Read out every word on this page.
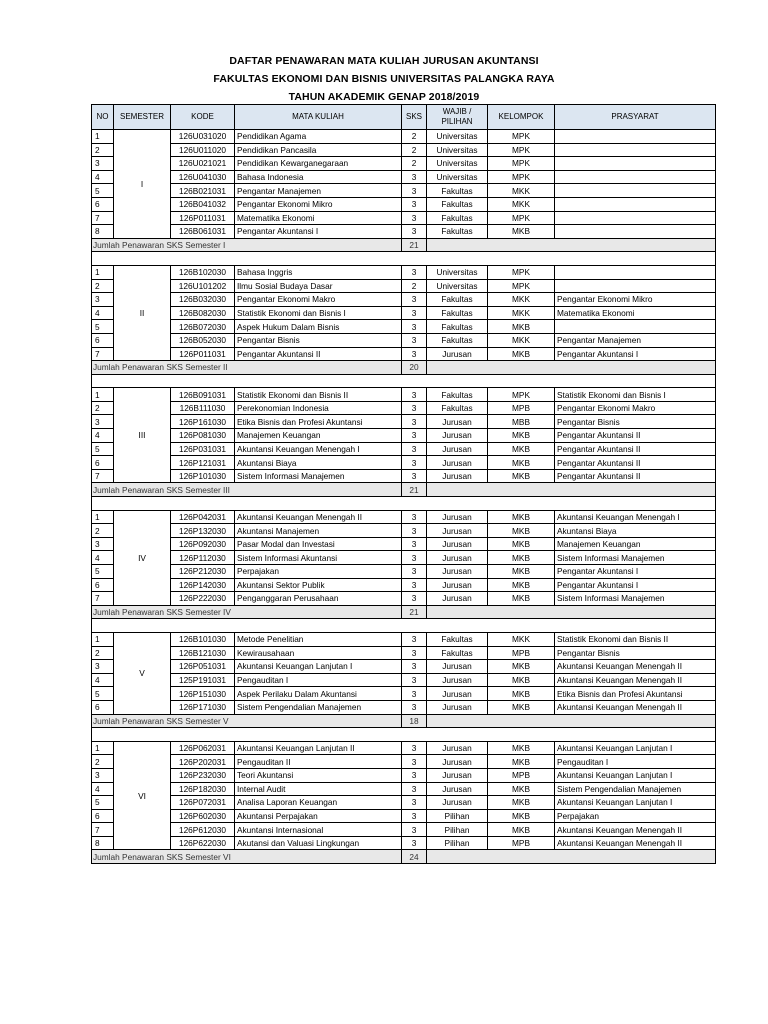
DAFTAR PENAWARAN MATA KULIAH JURUSAN AKUNTANSI
FAKULTAS EKONOMI DAN BISNIS UNIVERSITAS PALANGKA RAYA
TAHUN AKADEMIK GENAP 2018/2019
NO	SEMESTER	KODE	MATA KULIAH	SKS	WAJIB / PILIHAN	KELOMPOK	PRASYARAT
1	I	126U031020	Pendidikan Agama	2	Universitas	MPK	
2		126U011020	Pendidikan Pancasila	2	Universitas	MPK	
3		126U021021	Pendidikan Kewarganegaraan	2	Universitas	MPK	
4		126U041030	Bahasa Indonesia	3	Universitas	MPK	
5		126B021031	Pengantar Manajemen	3	Fakultas	MKK	
6		126B041032	Pengantar Ekonomi Mikro	3	Fakultas	MKK	
7		126P011031	Matematika Ekonomi	3	Fakultas	MPK	
8		126B061031	Pengantar Akuntansi I	3	Fakultas	MKB	
Jumlah Penawaran SKS Semester I				21			

1	II	126B102030	Bahasa Inggris	3	Universitas	MPK	
2		126U101202	Ilmu Sosial Budaya Dasar	2	Universitas	MPK	
3		126B032030	Pengantar Ekonomi Makro	3	Fakultas	MKK	Pengantar Ekonomi Mikro
4		126B082030	Statistik Ekonomi dan Bisnis I	3	Fakultas	MKK	Matematika Ekonomi
5		126B072030	Aspek Hukum Dalam Bisnis	3	Fakultas	MKB	
6		126B052030	Pengantar Bisnis	3	Fakultas	MKK	Pengantar Manajemen
7		126P011031	Pengantar Akuntansi II	3	Jurusan	MKB	Pengantar Akuntansi I
Jumlah Penawaran SKS Semester II				20			

1	III	126B091031	Statistik Ekonomi dan Bisnis II	3	Fakultas	MPK	Statistik Ekonomi dan Bisnis I
2		126B111030	Perekonomian Indonesia	3	Fakultas	MPB	Pengantar Ekonomi Makro
3		126P161030	Etika Bisnis dan Profesi Akuntansi	3	Jurusan	MBB	Pengantar Bisnis
4		126P081030	Manajemen Keuangan	3	Jurusan	MKB	Pengantar Akuntansi II
5		126P031031	Akuntansi Keuangan Menengah I	3	Jurusan	MKB	Pengantar Akuntansi II
6		126P121031	Akuntansi Biaya	3	Jurusan	MKB	Pengantar Akuntansi II
7		126P101030	Sistem Informasi Manajemen	3	Jurusan	MKB	Pengantar Akuntansi II
Jumlah Penawaran SKS Semester III				21			

1	IV	126P042031	Akuntansi Keuangan Menengah II	3	Jurusan	MKB	Akuntansi Keuangan Menengah I
2		126P132030	Akuntansi Manajemen	3	Jurusan	MKB	Akuntansi Biaya
3		126P092030	Pasar Modal dan Investasi	3	Jurusan	MKB	Manajemen Keuangan
4		126P112030	Sistem Informasi Akuntansi	3	Jurusan	MKB	Sistem Informasi Manajemen
5		126P212030	Perpajakan	3	Jurusan	MKB	Pengantar Akuntansi I
6		126P142030	Akuntansi Sektor Publik	3	Jurusan	MKB	Pengantar Akuntansi I
7		126P222030	Penganggaran Perusahaan	3	Jurusan	MKB	Sistem Informasi Manajemen
Jumlah Penawaran SKS Semester IV				21			

1	V	126B101030	Metode Penelitian	3	Fakultas	MKK	Statistik Ekonomi dan Bisnis II
2		126B121030	Kewirausahaan	3	Fakultas	MPB	Pengantar Bisnis
3		126P051031	Akuntansi Keuangan Lanjutan I	3	Jurusan	MKB	Akuntansi Keuangan Menengah II
4		125P191031	Pengauditan I	3	Jurusan	MKB	Akuntansi Keuangan Menengah II
5		126P151030	Aspek Perilaku Dalam Akuntansi	3	Jurusan	MKB	Etika Bisnis dan Profesi Akuntansi
6		126P171030	Sistem Pengendalian Manajemen	3	Jurusan	MKB	Akuntansi Keuangan Menengah II
Jumlah Penawaran SKS Semester V				18			

1	VI	126P062031	Akuntansi Keuangan Lanjutan II	3	Jurusan	MKB	Akuntansi Keuangan Lanjutan I
2		126P202031	Pengauditan II	3	Jurusan	MKB	Pengauditan I
3		126P232030	Teori Akuntansi	3	Jurusan	MPB	Akuntansi Keuangan Lanjutan I
4		126P182030	Internal Audit	3	Jurusan	MKB	Sistem Pengendalian Manajemen
5		126P072031	Analisa Laporan Keuangan	3	Jurusan	MKB	Akuntansi Keuangan Lanjutan I
6		126P602030	Akuntansi Perpajakan	3	Pilihan	MKB	Perpajakan
7		126P612030	Akuntansi Internasional	3	Pilihan	MKB	Akuntansi Keuangan Menengah II
8		126P622030	Akutansi dan Valuasi Lingkungan	3	Pilihan	MPB	Akuntansi Keuangan Menengah II
Jumlah Penawaran SKS Semester VI				24			
